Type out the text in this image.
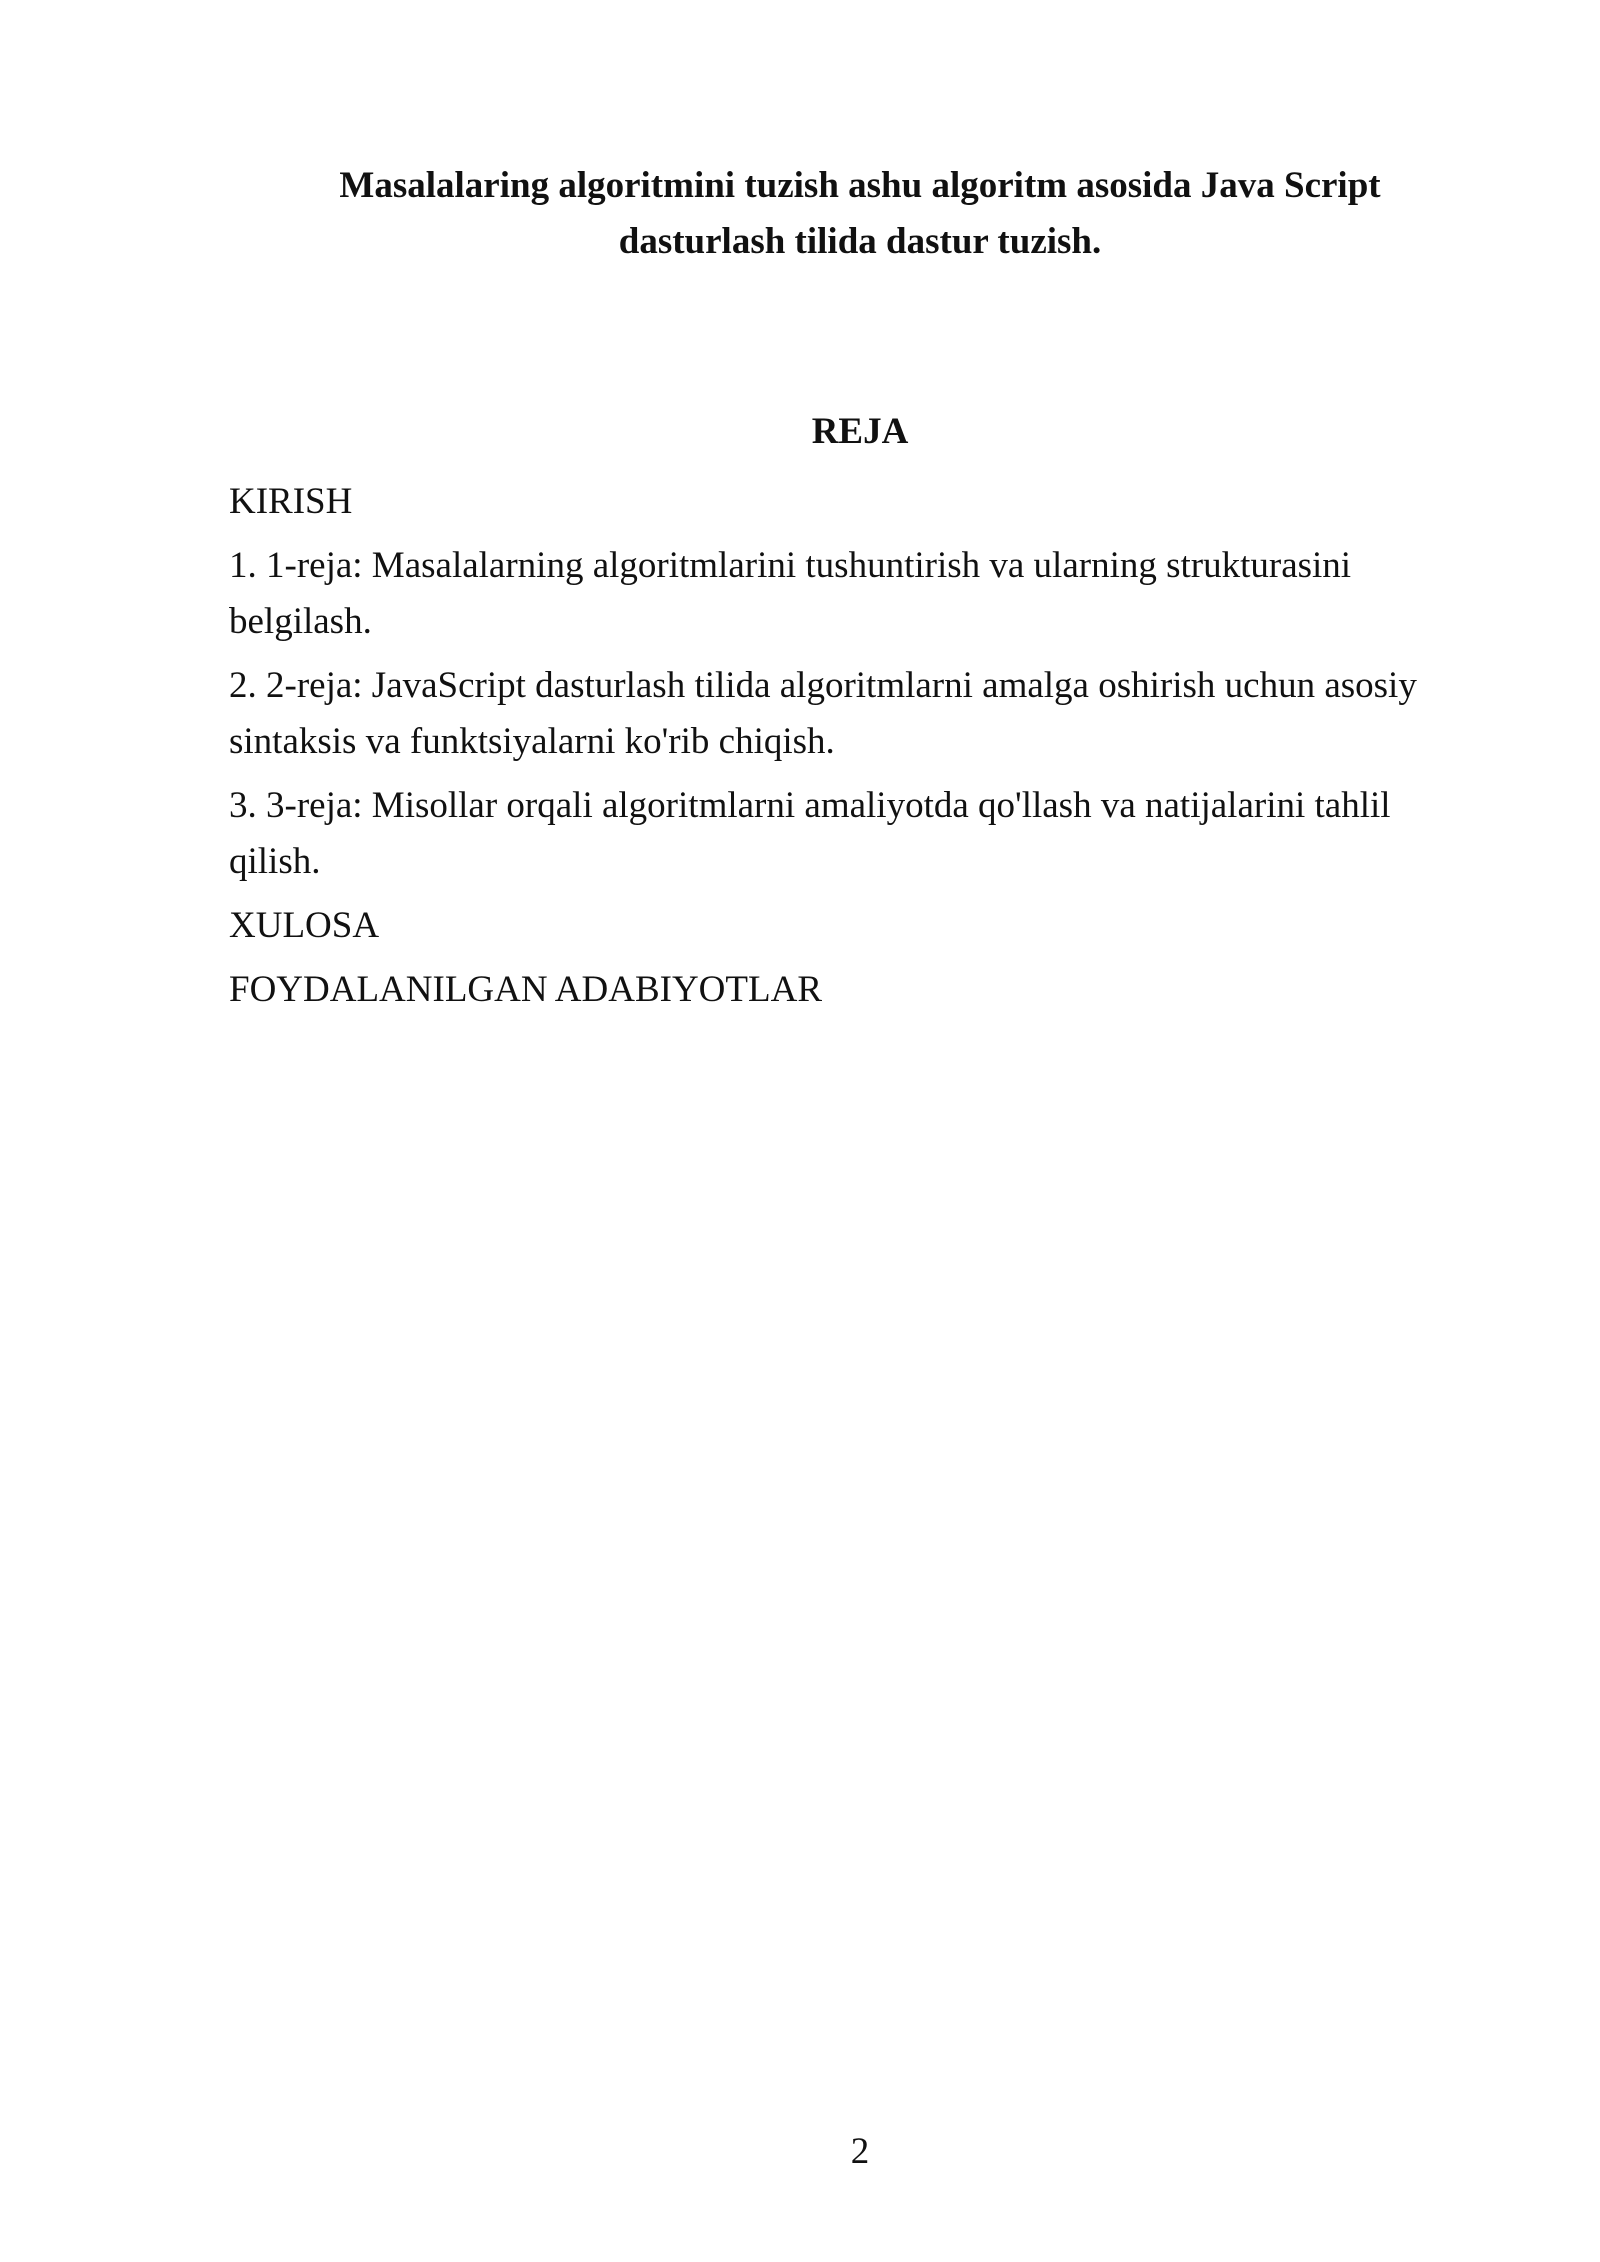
Masalalaring algoritmini tuzish ashu algoritm asosida Java Script
dasturlash tilida dastur tuzish.
REJA
KIRISH
1. 1-reja: Masalalarning algoritmlarini tushuntirish va ularning strukturasini belgilash.
2. 2-reja: JavaScript dasturlash tilida algoritmlarni amalga oshirish uchun asosiy sintaksis va funktsiyalarni ko'rib chiqish.
3. 3-reja: Misollar orqali algoritmlarni amaliyotda qo'llash va natijalarini tahlil qilish.
XULOSA
FOYDALANILGAN ADABIYOTLAR
2
